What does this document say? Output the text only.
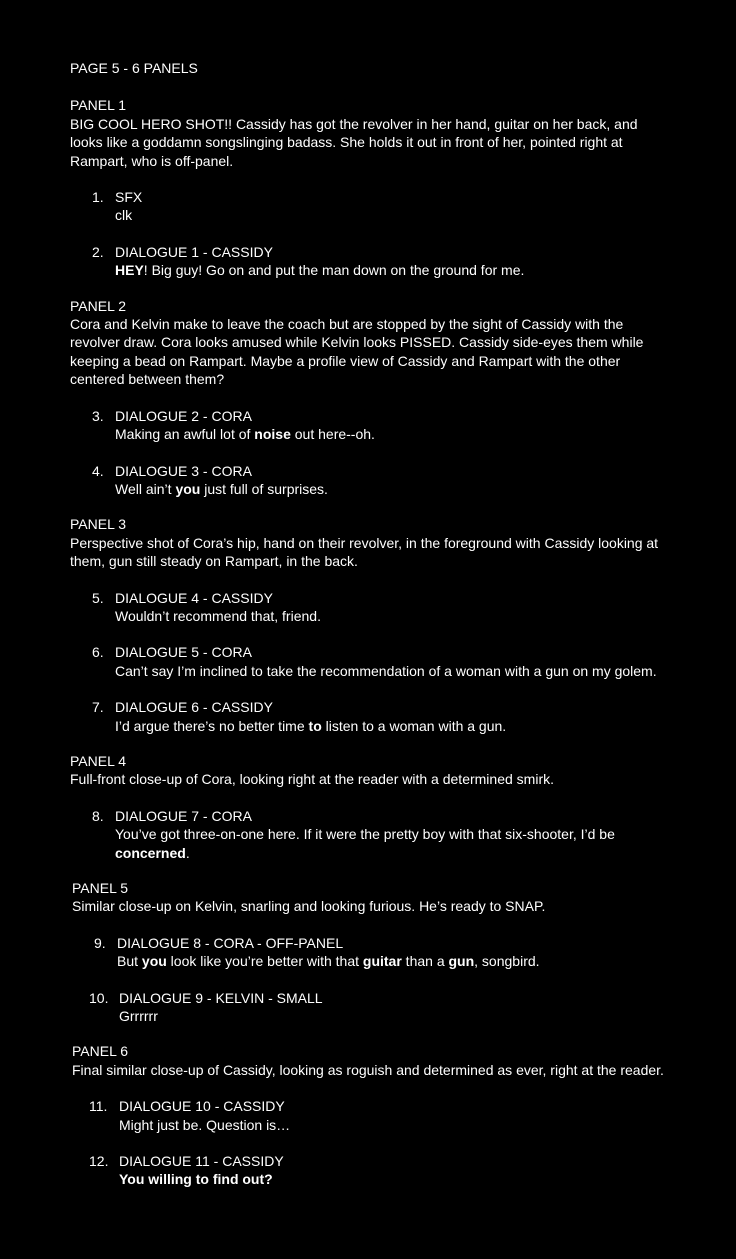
PAGE 5 - 6 PANELS

PANEL 1

BIG COOL HERO SHOT!! Cassidy has got the revolver in her hand, guitar on her back, and looks like a goddamn songslinging badass. She holds it out in front of her, pointed right at Rampart, who is off-panel.

1. SFX
clk
2. DIALOGUE 1 - CASSIDY
HEY! Big guy! Go on and put the man down on the ground for me.

PANEL 2

Cora and Kelvin make to leave the coach but are stopped by the sight of Cassidy with the revolver draw. Cora looks amused while Kelvin looks PISSED. Cassidy side-eyes them while keeping a bead on Rampart. Maybe a profile view of Cassidy and Rampart with the other centered between them?

3. DIALOGUE 2 - CORA
Making an awful lot of noise out here--oh.
4. DIALOGUE 3 - CORA
Well ain’t you just full of surprises.

PANEL 3

Perspective shot of Cora’s hip, hand on their revolver, in the foreground with Cassidy looking at them, gun still steady on Rampart, in the back.

5. DIALOGUE 4 - CASSIDY
Wouldn’t recommend that, friend.
6. DIALOGUE 5 - CORA
Can’t say I’m inclined to take the recommendation of a woman with a gun on my golem.
7. DIALOGUE 6 - CASSIDY
I’d argue there’s no better time to listen to a woman with a gun.

PANEL 4

Full-front close-up of Cora, looking right at the reader with a determined smirk.

8. DIALOGUE 7 - CORA
You’ve got three-on-one here. If it were the pretty boy with that six-shooter, I’d be concerned.

PANEL 5

Similar close-up on Kelvin, snarling and looking furious. He’s ready to SNAP.

9. DIALOGUE 8 - CORA - OFF-PANEL
But you look like you’re better with that guitar than a gun, songbird.
10. DIALOGUE 9 - KELVIN - SMALL
Grrrrrr

PANEL 6

Final similar close-up of Cassidy, looking as roguish and determined as ever, right at the reader.

11. DIALOGUE 10 - CASSIDY
Might just be. Question is…
12. DIALOGUE 11 - CASSIDY
You willing to find out?
